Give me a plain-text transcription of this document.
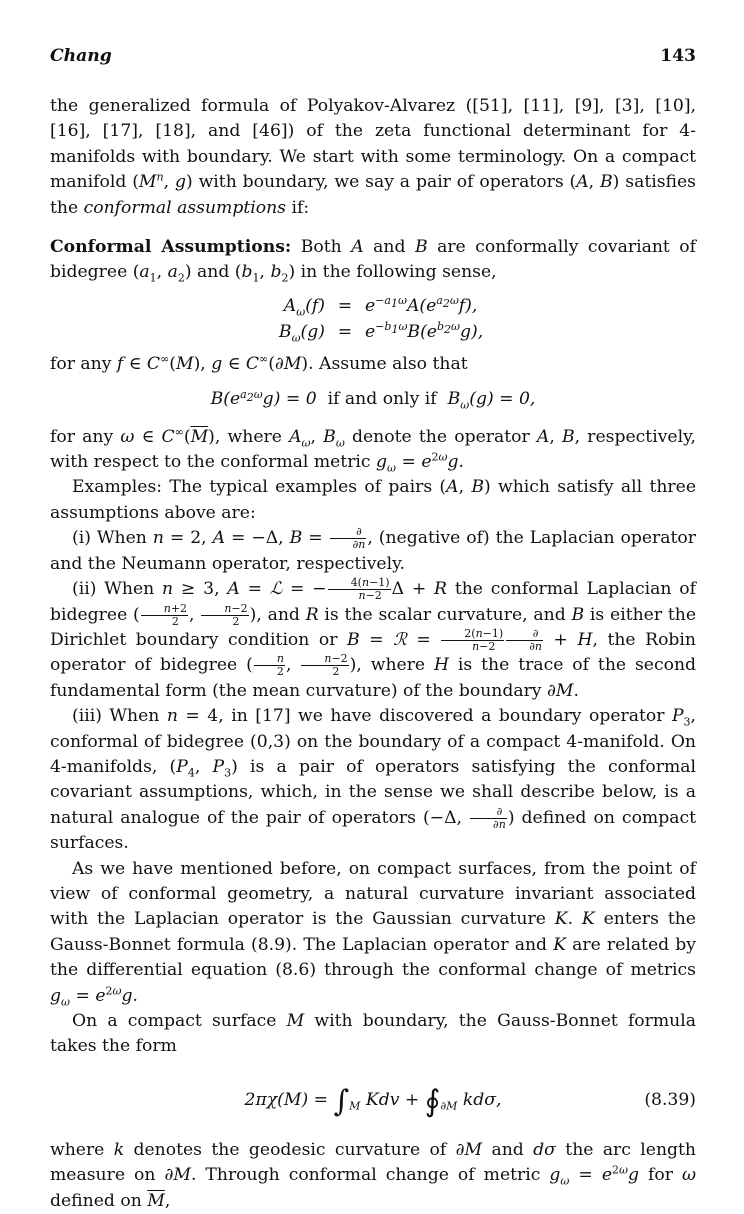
Chang	143

the generalized formula of Polyakov-Alvarez ([51], [11], [9], [3], [10], [16], [17], [18], and [46]) of the zeta functional determinant for 4-manifolds with boundary. We start with some terminology. On a compact manifold ($M^n$, g) with boundary, we say a pair of operators (A, B) satisfies the conformal assumptions if:

Conformal Assumptions: Both A and B are conformally covariant of bidegree ($a_1$, $a_2$) and ($b_1$, $b_2$) in the following sense,

$A_\omega(f)$	=	$e^{-a_1\omega}A(e^{a_2\omega}f)$,
$B_\omega(g)$	=	$e^{-b_1\omega}B(e^{b_2\omega}g)$,

for any f ∈ C∞(M), g ∈ C∞(∂M). Assume also that

$B(e^{a_2\omega}g) = 0$  if and only if $B_\omega(g) = 0$,

for any ω ∈ $C^\infty(\overline{M})$, where $A_\omega$, $B_\omega$ denote the operator A, B, respectively, with respect to the conformal metric $g_\omega = e^{2\omega}g$.

Examples: The typical examples of pairs (A, B) which satisfy all three assumptions above are:

(i) When n = 2, A = −Δ, $B = \frac{\partial}{\partial n}$ , (negative of) the Laplacian operator and the Neumann operator, respectively.

(ii) When n ≥ 3, A = ℒ = − $\frac{4(n-1)}{n-2}$ Δ + R the conformal Laplacian of bidegree ( $\frac{n+2}{2}$ , $\frac{n-2}{2}$ ), and R is the scalar curvature, and B is either the Dirichlet boundary condition or B = ℛ = $\frac{2(n-1)}{n-2} \frac{\partial}{\partial n} + H$, the Robin operator of bidegree ( $\frac{n}{2}$ , $\frac{n-2}{2}$ ), where H is the trace of the second fundamental form (the mean curvature) of the boundary ∂M.

(iii) When n = 4, in [17] we have discovered a boundary operator $P_3$, conformal of bidegree (0,3) on the boundary of a compact 4-manifold. On 4-manifolds, ($P_4$, $P_3$) is a pair of operators satisfying the conformal covariant assumptions, which, in the sense we shall describe below, is a natural analogue of the pair of operators (−Δ, $\frac{\partial}{\partial n}$ ) defined on compact surfaces.

As we have mentioned before, on compact surfaces, from the point of view of conformal geometry, a natural curvature invariant associated with the Laplacian operator is the Gaussian curvature K. K enters the Gauss-Bonnet formula (8.9). The Laplacian operator and K are related by the differential equation (8.6) through the conformal change of metrics $g_\omega = e^{2\omega}g$.

On a compact surface M with boundary, the Gauss-Bonnet formula takes the form

$2\pi\chi(M) = \int_M$ Kdv + $∮_{\partial M}$ kdσ,	(8.39)

where k denotes the geodesic curvature of ∂M and dσ the arc length measure on ∂M. Through conformal change of metric $g_\omega = e^{2\omega}g$ for ω defined on $\overline{M}$,
